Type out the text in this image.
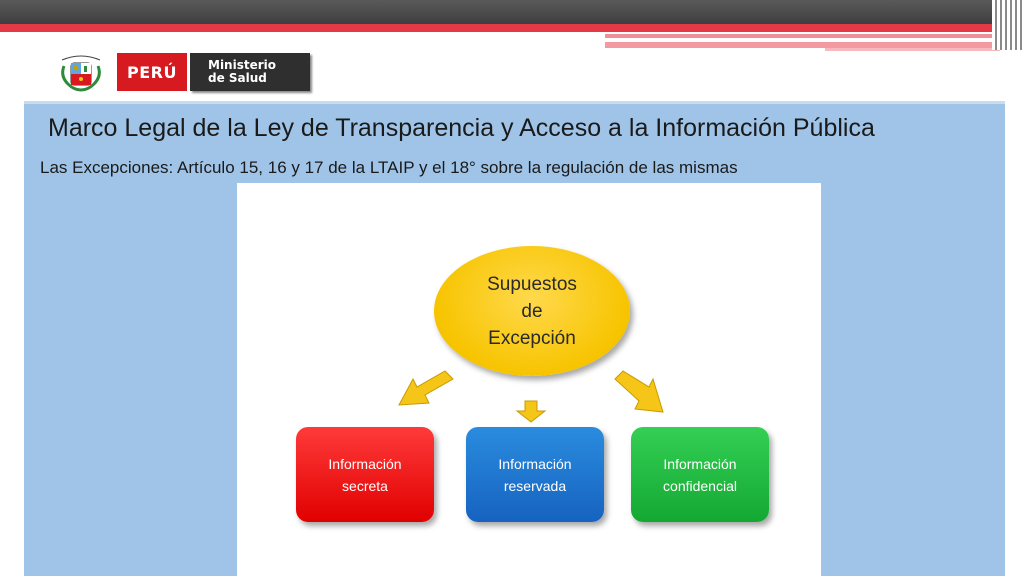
PERÚ	Ministerio
de Salud
Marco Legal de la Ley de Transparencia y Acceso a la Información Pública
Las Excepciones: Artículo 15, 16 y 17 de la LTAIP y el 18° sobre la regulación de las mismas
Supuestos
de
Excepción
Información
secreta
Información
reservada
Información
confidencial
